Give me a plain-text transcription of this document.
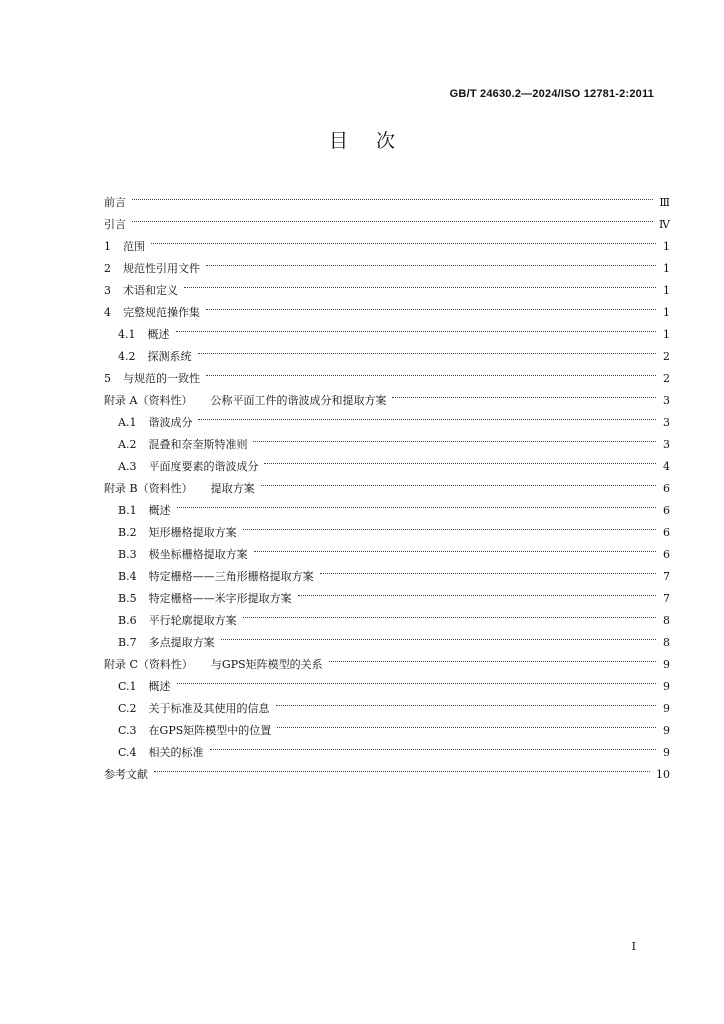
GB/T 24630.2—2024/ISO 12781-2:2011
目次
前言	Ⅲ
引言	Ⅳ
1 范围	1
2 规范性引用文件	1
3 术语和定义	1
4 完整规范操作集	1
4.1 概述	1
4.2 探测系统	2
5 与规范的一致性	2
附录 A（资料性） 公称平面工件的谐波成分和提取方案	3
A.1 谐波成分	3
A.2 混叠和奈奎斯特准则	3
A.3 平面度要素的谐波成分	4
附录 B（资料性） 提取方案	6
B.1 概述	6
B.2 矩形栅格提取方案	6
B.3 极坐标栅格提取方案	6
B.4 特定栅格——三角形栅格提取方案	7
B.5 特定栅格——米字形提取方案	7
B.6 平行轮廓提取方案	8
B.7 多点提取方案	8
附录 C（资料性） 与GPS矩阵模型的关系	9
C.1 概述	9
C.2 关于标准及其使用的信息	9
C.3 在GPS矩阵模型中的位置	9
C.4 相关的标准	9
参考文献	10
Ⅰ
